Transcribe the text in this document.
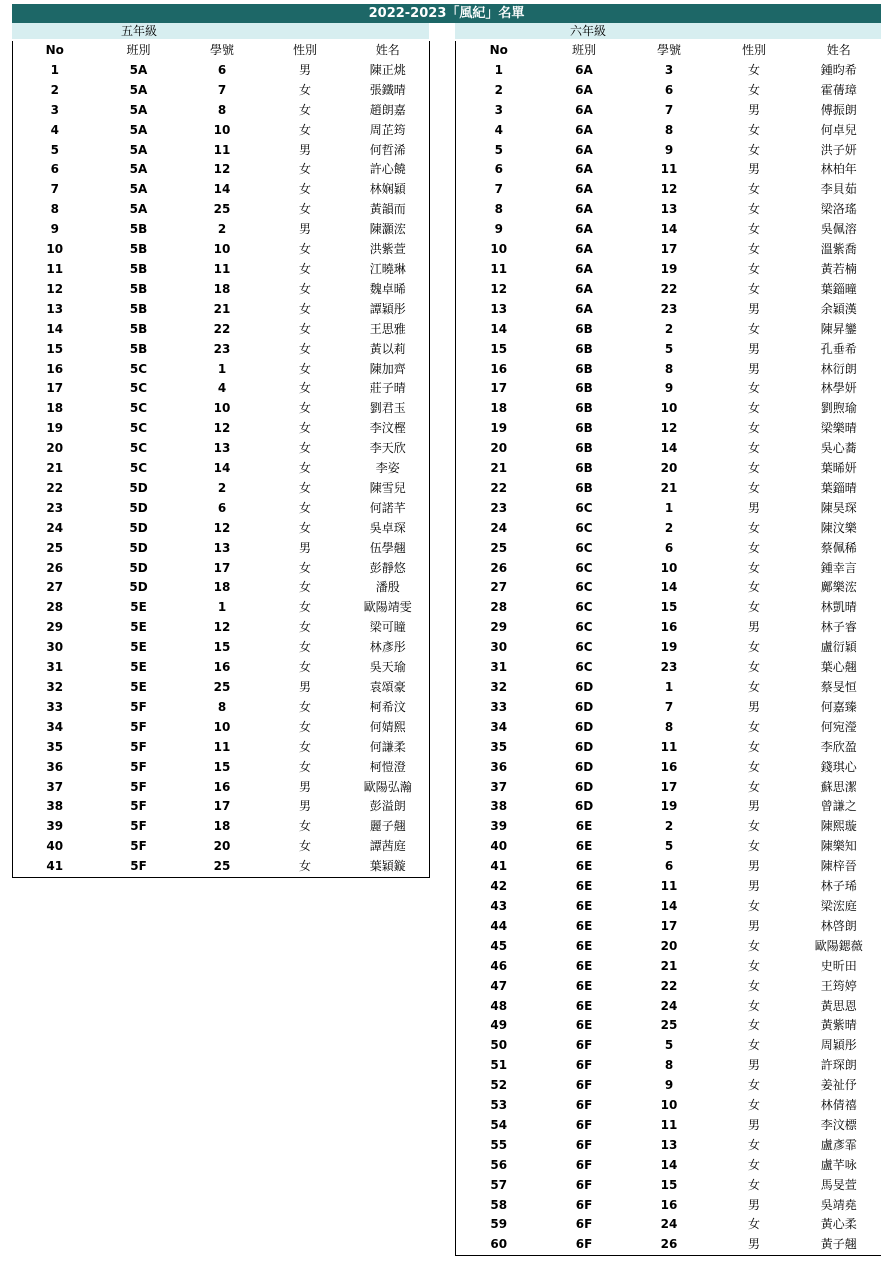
2022-2023「風紀」名單
五年級	六年級
No	班別	學號	性別	姓名
1	5A	6	男	陳正烑
2	5A	7	女	張鐵晴
3	5A	8	女	趙朗嘉
4	5A	10	女	周芷筠
5	5A	11	男	何哲浠
6	5A	12	女	許心饒
7	5A	14	女	林娴穎
8	5A	25	女	黃韻而
9	5B	2	男	陳灝浤
10	5B	10	女	洪紫萱
11	5B	11	女	江曉琳
12	5B	18	女	魏卓晞
13	5B	21	女	譚穎彤
14	5B	22	女	王思雅
15	5B	23	女	黃以莉
16	5C	1	女	陳加齊
17	5C	4	女	莊子晴
18	5C	10	女	劉君玉
19	5C	12	女	李汶樫
20	5C	13	女	李天欣
21	5C	14	女	李姿
22	5D	2	女	陳雪兒
23	5D	6	女	何諾芊
24	5D	12	女	吳卓琛
25	5D	13	男	伍學翹
26	5D	17	女	彭靜悠
27	5D	18	女	潘殷
28	5E	1	女	歐陽靖雯
29	5E	12	女	梁可瞳
30	5E	15	女	林彥彤
31	5E	16	女	吳天瑜
32	5E	25	男	袁頌豪
33	5F	8	女	柯希汶
34	5F	10	女	何婧熙
35	5F	11	女	何謙柔
36	5F	15	女	柯愷澄
37	5F	16	男	歐陽弘瀚
38	5F	17	男	彭溢朗
39	5F	18	女	麗子翹
40	5F	20	女	譚茜庭
41	5F	25	女	葉穎鏇
No	班別	學號	性別	姓名
1	6A	3	女	鍾昀希
2	6A	6	女	霍蒨璋
3	6A	7	男	傅振朗
4	6A	8	女	何卓兒
5	6A	9	女	洪子妍
6	6A	11	男	林柏年
7	6A	12	女	李貝茹
8	6A	13	女	梁洛瑤
9	6A	14	女	吳佩溶
10	6A	17	女	溫紫喬
11	6A	19	女	黃若楠
12	6A	22	女	葉錙曈
13	6A	23	男	余穎漢
14	6B	2	女	陳昇鑾
15	6B	5	男	孔垂希
16	6B	8	男	林衍朗
17	6B	9	女	林學妍
18	6B	10	女	劉煦瑜
19	6B	12	女	梁樂晴
20	6B	14	女	吳心蕎
21	6B	20	女	葉晞妍
22	6B	21	女	葉錙晴
23	6C	1	男	陳昊琛
24	6C	2	女	陳汶樂
25	6C	6	女	蔡佩稀
26	6C	10	女	鍾幸言
27	6C	14	女	鄺樂浤
28	6C	15	女	林凱晴
29	6C	16	男	林子睿
30	6C	19	女	盧衍穎
31	6C	23	女	葉心翹
32	6D	1	女	蔡旻恒
33	6D	7	男	何嘉臻
34	6D	8	女	何宛瀅
35	6D	11	女	李欣盈
36	6D	16	女	錢琪心
37	6D	17	女	蘇思潔
38	6D	19	男	曾謙之
39	6E	2	女	陳熙璇
40	6E	5	女	陳樂知
41	6E	6	男	陳梓晉
42	6E	11	男	林子琋
43	6E	14	女	梁浤庭
44	6E	17	男	林啓朗
45	6E	20	女	歐陽鍶薇
46	6E	21	女	史昕田
47	6E	22	女	王筠婷
48	6E	24	女	黃思恩
49	6E	25	女	黃紫晴
50	6F	5	女	周穎彤
51	6F	8	男	許琛朗
52	6F	9	女	姜祉伃
53	6F	10	女	林倩禧
54	6F	11	男	李汶標
55	6F	13	女	盧彥霏
56	6F	14	女	盧芊咏
57	6F	15	女	馬旻萱
58	6F	16	男	吳靖堯
59	6F	24	女	黃心柔
60	6F	26	男	黃子翹
